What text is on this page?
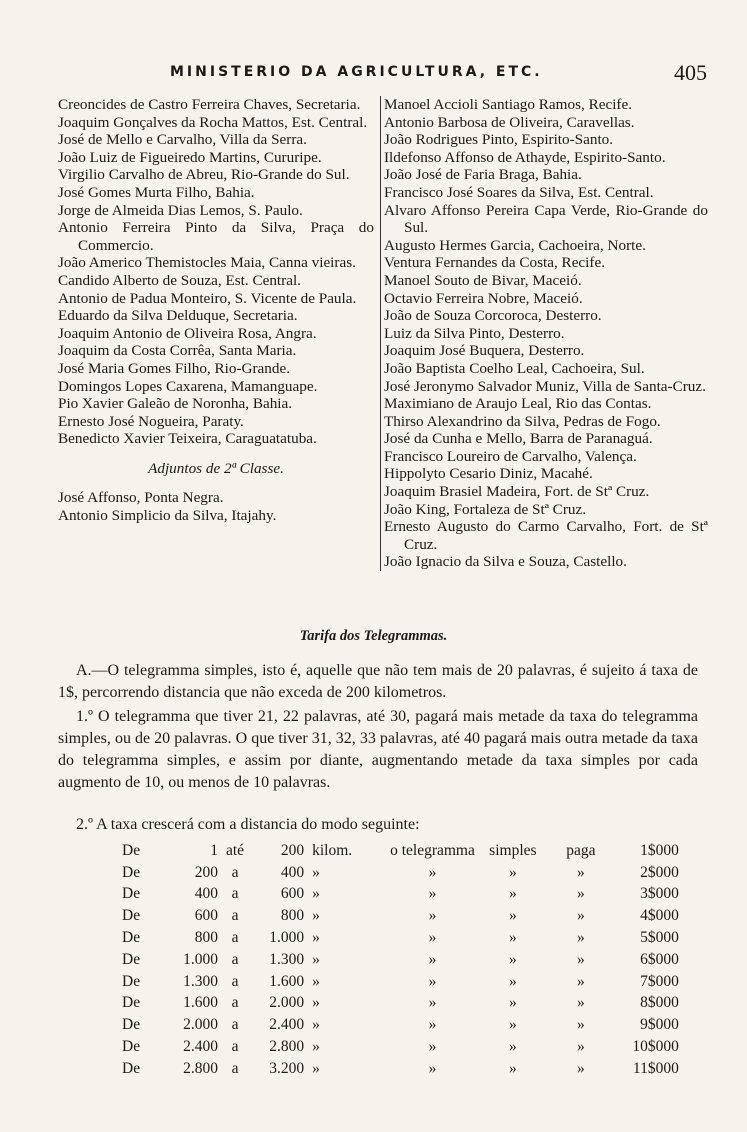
MINISTERIO DA AGRICULTURA, ETC.	405
Creoncides de Castro Ferreira Chaves, Secretaria.
Joaquim Gonçalves da Rocha Mattos, Est. Central.
José de Mello e Carvalho, Villa da Serra.
João Luiz de Figueiredo Martins, Cururipe.
Virgilio Carvalho de Abreu, Rio-Grande do Sul.
José Gomes Murta Filho, Bahia.
Jorge de Almeida Dias Lemos, S. Paulo.
Antonio Ferreira Pinto da Silva, Praça do Commercio.
João Americo Themistocles Maia, Canna vieiras.
Candido Alberto de Souza, Est. Central.
Antonio de Padua Monteiro, S. Vicente de Paula.
Eduardo da Silva Delduque, Secretaria.
Joaquim Antonio de Oliveira Rosa, Angra.
Joaquim da Costa Corrêa, Santa Maria.
José Maria Gomes Filho, Rio-Grande.
Domingos Lopes Caxarena, Mamanguape.
Pio Xavier Galeão de Noronha, Bahia.
Ernesto José Nogueira, Paraty.
Benedicto Xavier Teixeira, Caraguatatuba.
Adjuntos de 2ª Classe.
José Affonso, Ponta Negra.
Antonio Simplicio da Silva, Itajahy.
Manoel Accioli Santiago Ramos, Recife.
Antonio Barbosa de Oliveira, Caravellas.
João Rodrigues Pinto, Espirito-Santo.
Ildefonso Affonso de Athayde, Espirito-Santo.
João José de Faria Braga, Bahia.
Francisco José Soares da Silva, Est. Central.
Alvaro Affonso Pereira Capa Verde, Rio-Grande do Sul.
Augusto Hermes Garcia, Cachoeira, Norte.
Ventura Fernandes da Costa, Recife.
Manoel Souto de Bivar, Maceió.
Octavio Ferreira Nobre, Maceió.
João de Souza Corcoroca, Desterro.
Luiz da Silva Pinto, Desterro.
Joaquim José Buquera, Desterro.
João Baptista Coelho Leal, Cachoeira, Sul.
José Jeronymo Salvador Muniz, Villa de Santa-Cruz.
Maximiano de Araujo Leal, Rio das Contas.
Thirso Alexandrino da Silva, Pedras de Fogo.
José da Cunha e Mello, Barra de Paranaguá.
Francisco Loureiro de Carvalho, Valença.
Hippolyto Cesario Diniz, Macahé.
Joaquim Brasiel Madeira, Fort. de Stª Cruz.
João King, Fortaleza de Stª Cruz.
Ernesto Augusto do Carmo Carvalho, Fort. de Stª Cruz.
João Ignacio da Silva e Souza, Castello.
Tarifa dos Telegrammas.

A.—O telegramma simples, isto é, aquelle que não tem mais de 20 palavras, é sujeito á taxa de 1$, percorrendo distancia que não exceda de 200 kilometros.

1.º O telegramma que tiver 21, 22 palavras, até 30, pagará mais metade da taxa do telegramma simples, ou de 20 palavras. O que tiver 31, 32, 33 palavras, até 40 pagará mais outra metade da taxa do telegramma simples, e assim por diante, augmentando metade da taxa simples por cada augmento de 10, ou menos de 10 palavras.

2.º A taxa crescerá com a distancia do modo seguinte:

De	1	até	200	kilom.	o telegramma	simples	paga	1$000
De	200	a	400	»	»	»	»	2$000
De	400	a	600	»	»	»	»	3$000
De	600	a	800	»	»	»	»	4$000
De	800	a	1.000	»	»	»	»	5$000
De	1.000	a	1.300	»	»	»	»	6$000
De	1.300	a	1.600	»	»	»	»	7$000
De	1.600	a	2.000	»	»	»	»	8$000
De	2.000	a	2.400	»	»	»	»	9$000
De	2.400	a	2.800	»	»	»	»	10$000
De	2.800	a	3.200	»	»	»	»	11$000
